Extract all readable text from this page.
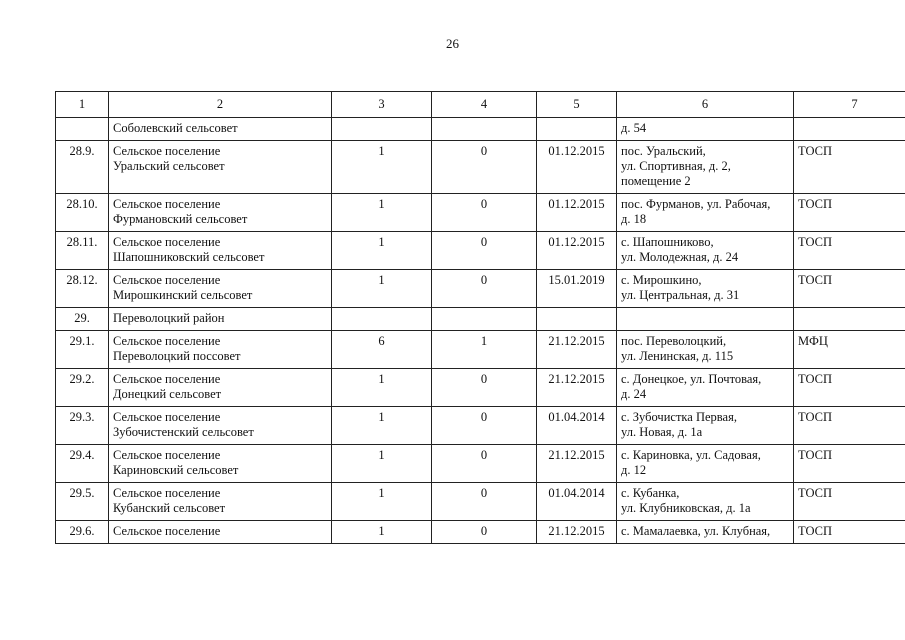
26
1	2	3	4	5	6	7

	Соболевский сельсовет				д. 54	

28.9.	Сельское поселение
Уральский сельсовет	1	0	01.12.2015	пос. Уральский,
ул. Спортивная, д. 2,
помещение 2	ТОСП
28.10.	Сельское поселение
Фурмановский сельсовет	1	0	01.12.2015	пос. Фурманов, ул. Рабочая,
д. 18	ТОСП
28.11.	Сельское поселение
Шапошниковский сельсовет	1	0	01.12.2015	с. Шапошниково,
ул. Молодежная, д. 24	ТОСП
28.12.	Сельское поселение
Мирошкинский сельсовет	1	0	15.01.2019	с. Мирошкино,
ул. Центральная, д. 31	ТОСП
29.	Переволоцкий район					

29.1.	Сельское поселение
Переволоцкий поссовет	6	1	21.12.2015	пос. Переволоцкий,
ул. Ленинская, д. 115	МФЦ
29.2.	Сельское поселение
Донецкий сельсовет	1	0	21.12.2015	с. Донецкое, ул. Почтовая,
д. 24	ТОСП
29.3.	Сельское поселение
Зубочистенский сельсовет	1	0	01.04.2014	с. Зубочистка Первая,
ул. Новая, д. 1а	ТОСП
29.4.	Сельское поселение
Кариновский сельсовет	1	0	21.12.2015	с. Кариновка, ул. Садовая,
д. 12	ТОСП
29.5.	Сельское поселение
Кубанский сельсовет	1	0	01.04.2014	с. Кубанка,
ул. Клубниковская, д. 1а	ТОСП
29.6.	Сельское поселение	1	0	21.12.2015	с. Мамалаевка, ул. Клубная,	ТОСП
